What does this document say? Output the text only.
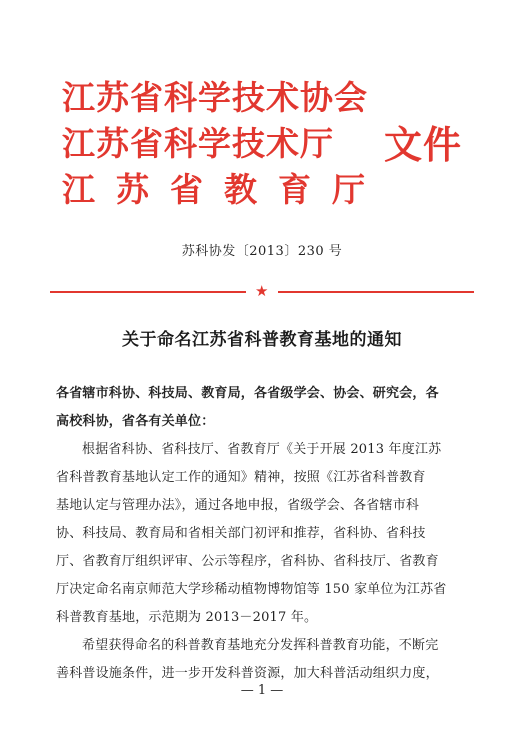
江苏省科学技术协会
江苏省科学技术厅
江苏省教育厅
文件
苏科协发〔2013〕230 号
★
关于命名江苏省科普教育基地的通知
各省辖市科协、科技局、教育局，各省级学会、协会、研究会，各
高校科协，省各有关单位：
根据省科协、省科技厅、省教育厅《关于开展 2013 年度江苏
省科普教育基地认定工作的通知》精神，按照《江苏省科普教育
基地认定与管理办法》，通过各地申报，省级学会、各省辖市科
协、科技局、教育局和省相关部门初评和推荐，省科协、省科技
厅、省教育厅组织评审、公示等程序，省科协、省科技厅、省教育
厅决定命名南京师范大学珍稀动植物博物馆等 150 家单位为江苏省
科普教育基地，示范期为 2013－2017 年。
希望获得命名的科普教育基地充分发挥科普教育功能，不断完
善科普设施条件，进一步开发科普资源，加大科普活动组织力度，
— 1 —
